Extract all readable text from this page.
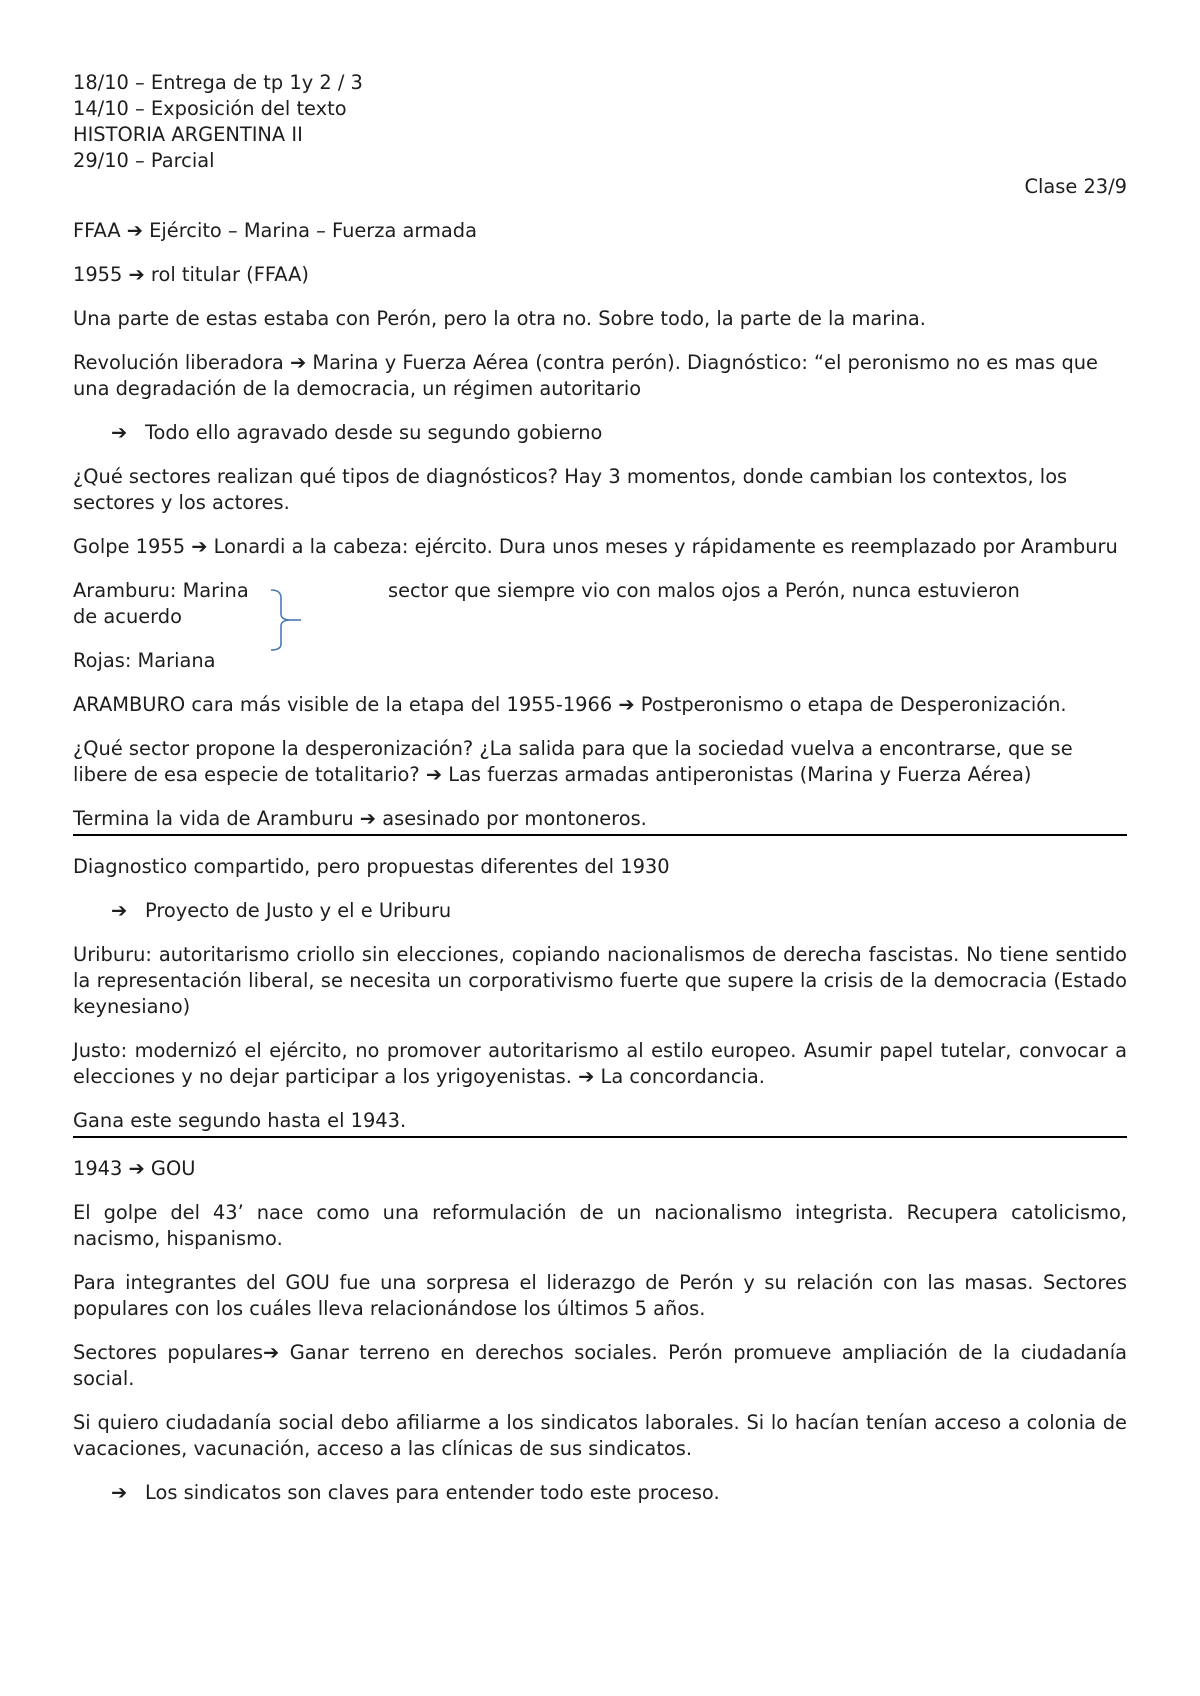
18/10 – Entrega de tp 1y 2 / 3
14/10 – Exposición del texto
HISTORIA ARGENTINA II
29/10 – Parcial
Clase 23/9

FFAA ➔ Ejército – Marina – Fuerza armada

1955 ➔ rol titular (FFAA)

Una parte de estas estaba con Perón, pero la otra no. Sobre todo, la parte de la marina.

Revolución liberadora ➔ Marina y Fuerza Aérea (contra perón). Diagnóstico: “el peronismo no es mas que una degradación de la democracia, un régimen autoritario

➔ Todo ello agravado desde su segundo gobierno

¿Qué sectores realizan qué tipos de diagnósticos? Hay 3 momentos, donde cambian los contextos, los sectores y los actores.

Golpe 1955 ➔ Lonardi a la cabeza: ejército. Dura unos meses y rápidamente es reemplazado por Aramburu

Aramburu: Marina	sector que siempre vio con malos ojos a Perón, nunca estuvieron
de acuerdo

Rojas: Mariana

ARAMBURO cara más visible de la etapa del 1955-1966 ➔ Postperonismo o etapa de Desperonización.

¿Qué sector propone la desperonización? ¿La salida para que la sociedad vuelva a encontrarse, que se libere de esa especie de totalitario? ➔ Las fuerzas armadas antiperonistas (Marina y Fuerza Aérea)

Termina la vida de Aramburu ➔ asesinado por montoneros.

Diagnostico compartido, pero propuestas diferentes del 1930

➔ Proyecto de Justo y el e Uriburu

Uriburu: autoritarismo criollo sin elecciones, copiando nacionalismos de derecha fascistas. No tiene sentido la representación liberal, se necesita un corporativismo fuerte que supere la crisis de la democracia (Estado keynesiano)

Justo: modernizó el ejército, no promover autoritarismo al estilo europeo. Asumir papel tutelar, convocar a elecciones y no dejar participar a los yrigoyenistas. ➔ La concordancia.

Gana este segundo hasta el 1943.

1943 ➔ GOU

El golpe del 43’ nace como una reformulación de un nacionalismo integrista. Recupera catolicismo, nacismo, hispanismo.

Para integrantes del GOU fue una sorpresa el liderazgo de Perón y su relación con las masas. Sectores populares con los cuáles lleva relacionándose los últimos 5 años.

Sectores populares➔ Ganar terreno en derechos sociales. Perón promueve ampliación de la ciudadanía social.

Si quiero ciudadanía social debo afiliarme a los sindicatos laborales. Si lo hacían tenían acceso a colonia de vacaciones, vacunación, acceso a las clínicas de sus sindicatos.

➔ Los sindicatos son claves para entender todo este proceso.
